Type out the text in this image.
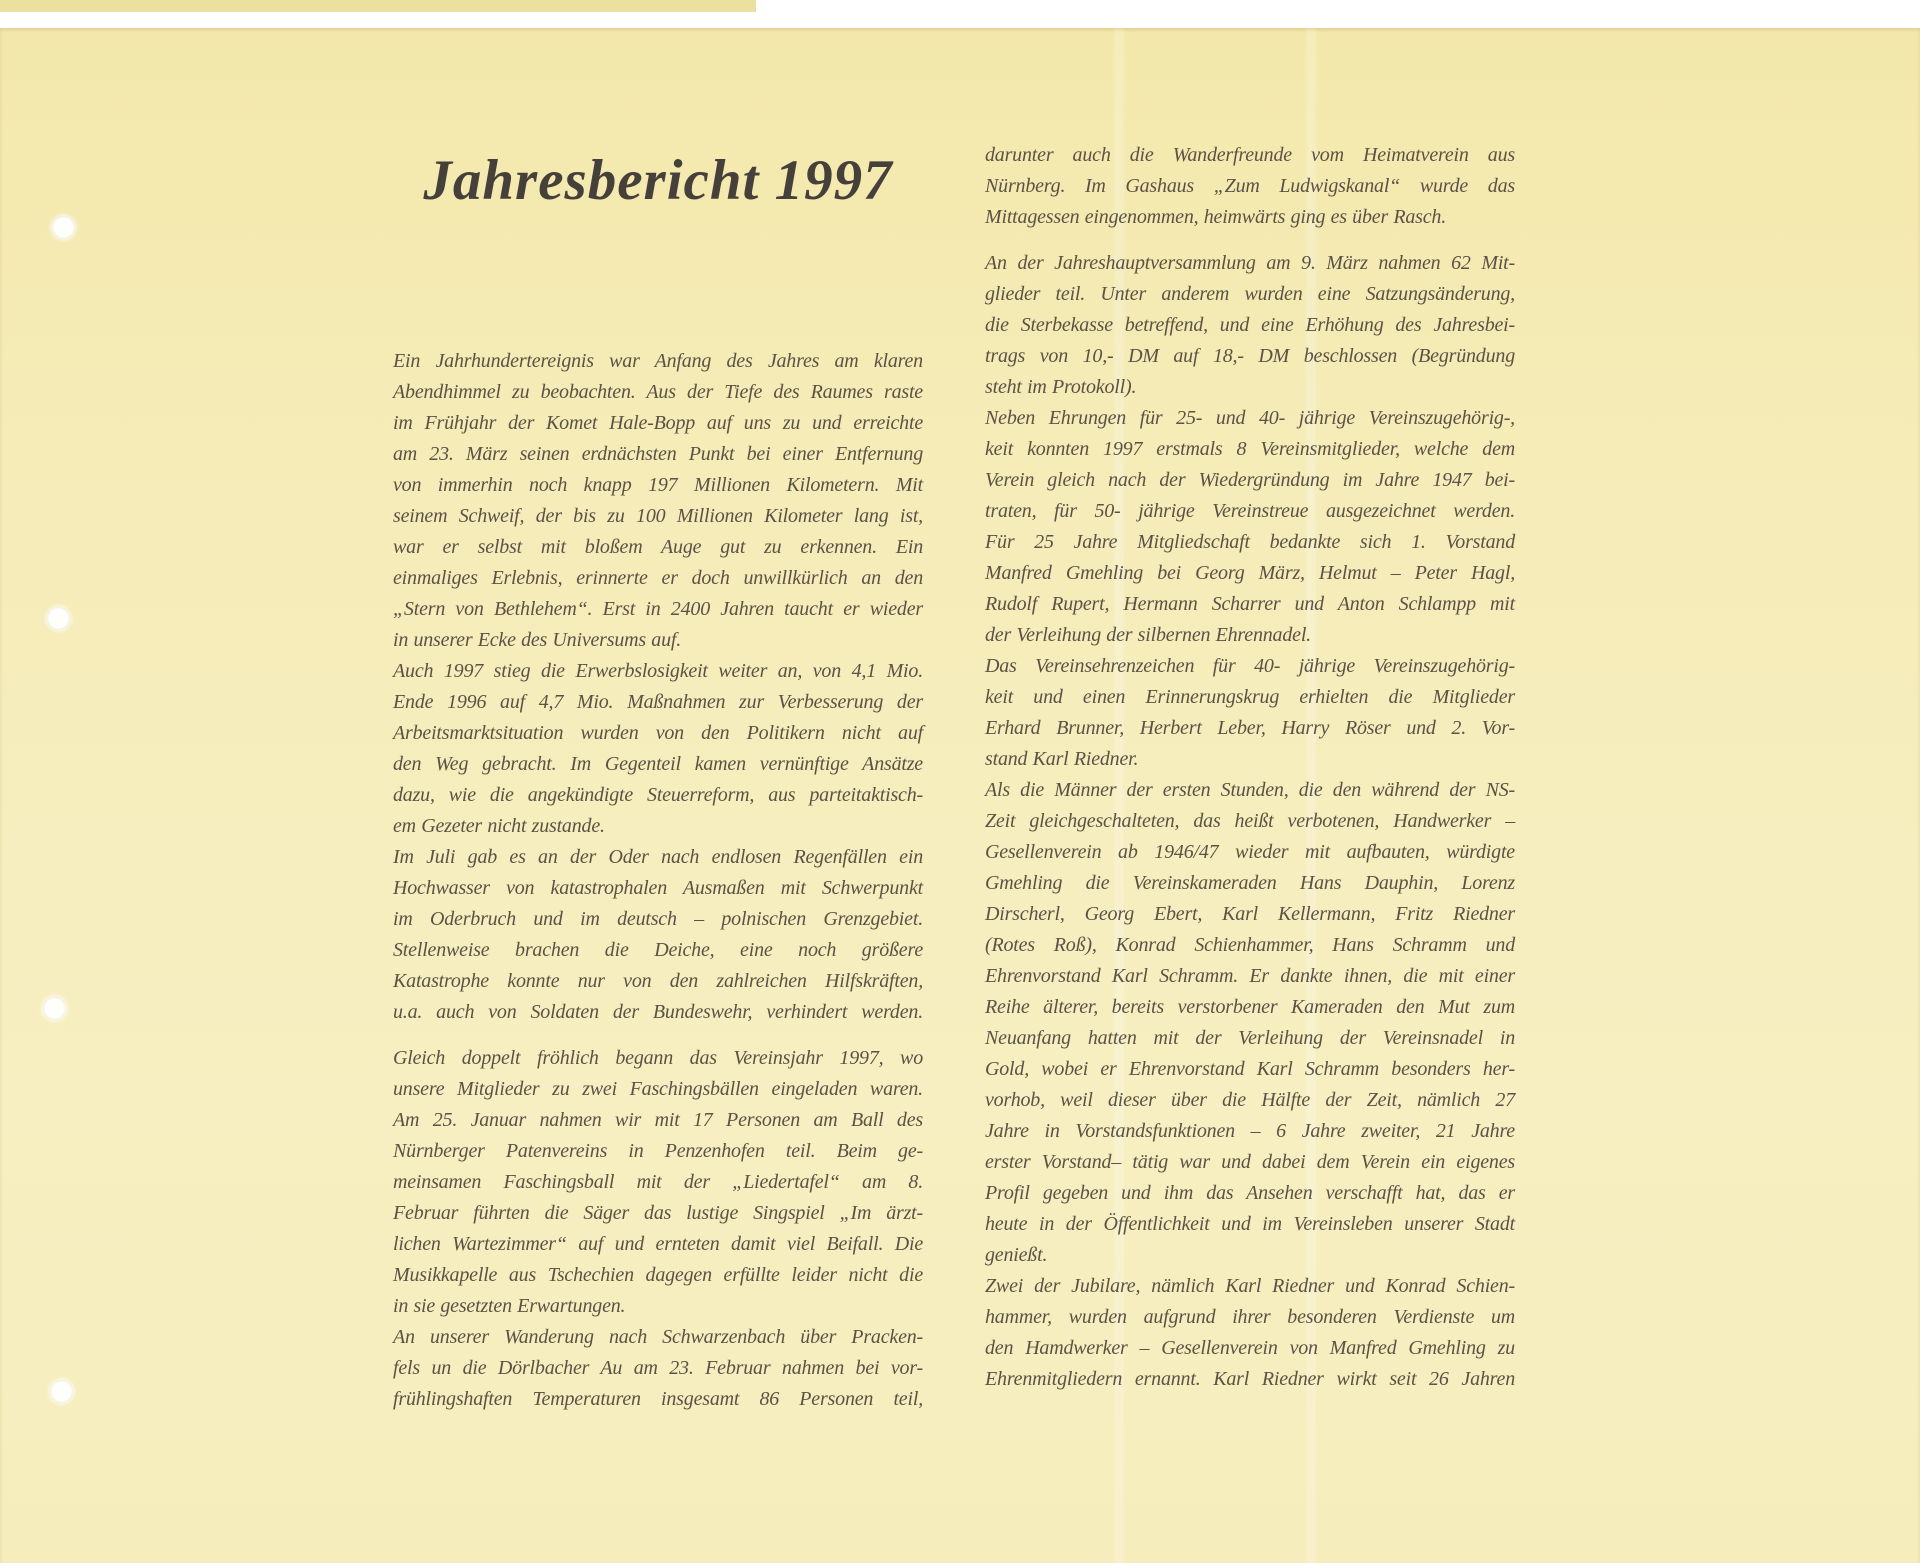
Jahresbericht 1997
Ein Jahrhundertereignis war Anfang des Jahres am klaren
Abendhimmel zu beobachten. Aus der Tiefe des Raumes raste
im Frühjahr der Komet Hale-Bopp auf uns zu und erreichte
am 23. März seinen erdnächsten Punkt bei einer Entfernung
von immerhin noch knapp 197 Millionen Kilometern. Mit
seinem Schweif, der bis zu 100 Millionen Kilometer lang ist,
war er selbst mit bloßem Auge gut zu erkennen. Ein
einmaliges Erlebnis, erinnerte er doch unwillkürlich an den
„Stern von Bethlehem“. Erst in 2400 Jahren taucht er wieder
in unserer Ecke des Universums auf.
Auch 1997 stieg die Erwerbslosigkeit weiter an, von 4,1 Mio.
Ende 1996 auf 4,7 Mio. Maßnahmen zur Verbesserung der
Arbeitsmarktsituation wurden von den Politikern nicht auf
den Weg gebracht. Im Gegenteil kamen vernünftige Ansätze
dazu, wie die angekündigte Steuerreform, aus parteitaktisch-
em Gezeter nicht zustande.
Im Juli gab es an der Oder nach endlosen Regenfällen ein
Hochwasser von katastrophalen Ausmaßen mit Schwerpunkt
im Oderbruch und im deutsch – polnischen Grenzgebiet.
Stellenweise brachen die Deiche, eine noch größere
Katastrophe konnte nur von den zahlreichen Hilfskräften,
u.a. auch von Soldaten der Bundeswehr, verhindert werden.
Gleich doppelt fröhlich begann das Vereinsjahr 1997, wo
unsere Mitglieder zu zwei Faschingsbällen eingeladen waren.
Am 25. Januar nahmen wir mit 17 Personen am Ball des
Nürnberger Patenvereins in Penzenhofen teil. Beim ge-
meinsamen Faschingsball mit der „Liedertafel“ am 8.
Februar führten die Säger das lustige Singspiel „Im ärzt-
lichen Wartezimmer“ auf und ernteten damit viel Beifall. Die
Musikkapelle aus Tschechien dagegen erfüllte leider nicht die
in sie gesetzten Erwartungen.
An unserer Wanderung nach Schwarzenbach über Pracken-
fels un die Dörlbacher Au am 23. Februar nahmen bei vor-
frühlingshaften Temperaturen insgesamt 86 Personen teil,
darunter auch die Wanderfreunde vom Heimatverein aus
Nürnberg. Im Gashaus „Zum Ludwigskanal“ wurde das
Mittagessen eingenommen, heimwärts ging es über Rasch.
An der Jahreshauptversammlung am 9. März nahmen 62 Mit-
glieder teil. Unter anderem wurden eine Satzungsänderung,
die Sterbekasse betreffend, und eine Erhöhung des Jahresbei-
trags von 10,- DM auf 18,- DM beschlossen (Begründung
steht im Protokoll).
Neben Ehrungen für 25- und 40- jährige Vereinszugehörig-,
keit konnten 1997 erstmals 8 Vereinsmitglieder, welche dem
Verein gleich nach der Wiedergründung im Jahre 1947 bei-
traten, für 50- jährige Vereinstreue ausgezeichnet werden.
Für 25 Jahre Mitgliedschaft bedankte sich 1. Vorstand
Manfred Gmehling bei Georg März, Helmut – Peter Hagl,
Rudolf Rupert, Hermann Scharrer und Anton Schlampp mit
der Verleihung der silbernen Ehrennadel.
Das Vereinsehrenzeichen für 40- jährige Vereinszugehörig-
keit und einen Erinnerungskrug erhielten die Mitglieder
Erhard Brunner, Herbert Leber, Harry Röser und 2. Vor-
stand Karl Riedner.
Als die Männer der ersten Stunden, die den während der NS-
Zeit gleichgeschalteten, das heißt verbotenen, Handwerker –
Gesellenverein ab 1946/47 wieder mit aufbauten, würdigte
Gmehling die Vereinskameraden Hans Dauphin, Lorenz
Dirscherl, Georg Ebert, Karl Kellermann, Fritz Riedner
(Rotes Roß), Konrad Schienhammer, Hans Schramm und
Ehrenvorstand Karl Schramm. Er dankte ihnen, die mit einer
Reihe älterer, bereits verstorbener Kameraden den Mut zum
Neuanfang hatten mit der Verleihung der Vereinsnadel in
Gold, wobei er Ehrenvorstand Karl Schramm besonders her-
vorhob, weil dieser über die Hälfte der Zeit, nämlich 27
Jahre in Vorstandsfunktionen – 6 Jahre zweiter, 21 Jahre
erster Vorstand– tätig war und dabei dem Verein ein eigenes
Profil gegeben und ihm das Ansehen verschafft hat, das er
heute in der Öffentlichkeit und im Vereinsleben unserer Stadt
genießt.
Zwei der Jubilare, nämlich Karl Riedner und Konrad Schien-
hammer, wurden aufgrund ihrer besonderen Verdienste um
den Hamdwerker – Gesellenverein von Manfred Gmehling zu
Ehrenmitgliedern ernannt. Karl Riedner wirkt seit 26 Jahren
